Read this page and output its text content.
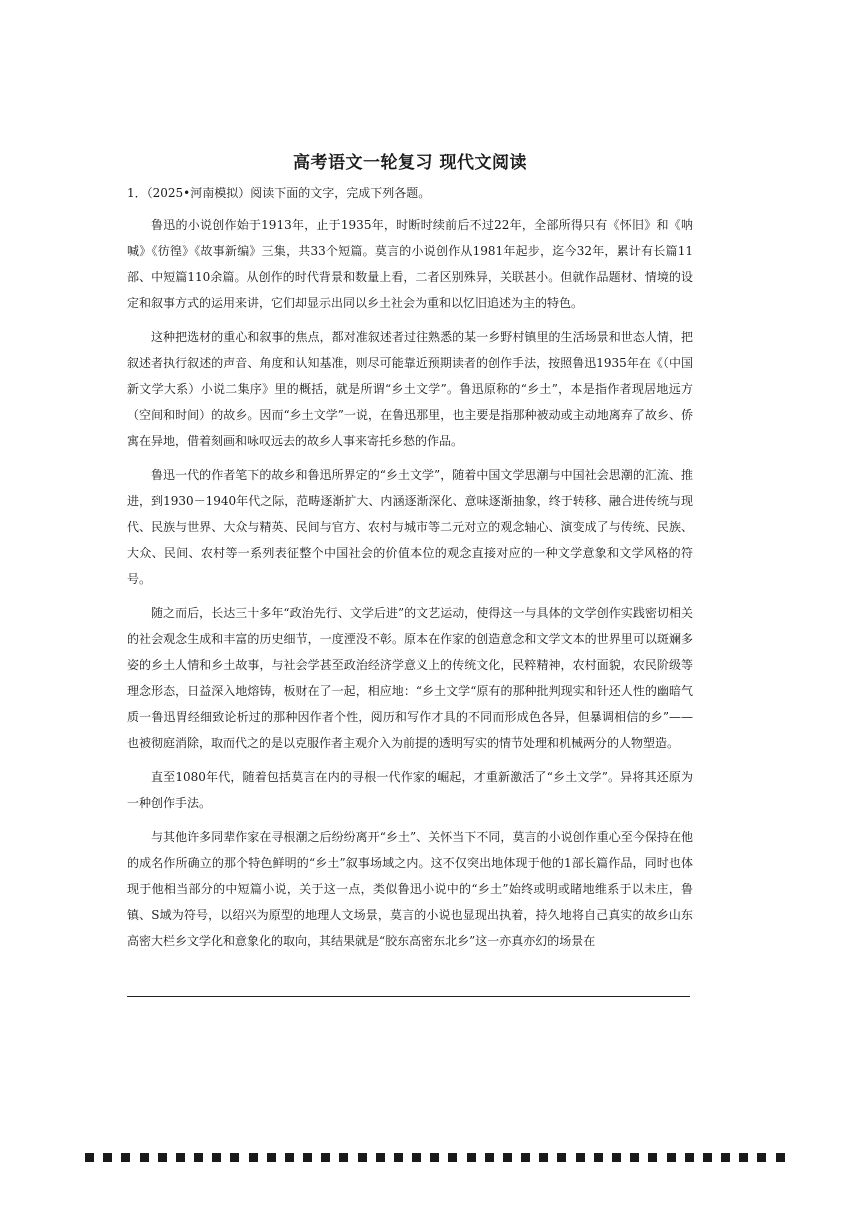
高考语文一轮复习 现代文阅读

1．（2025•河南模拟）阅读下面的文字，完成下列各题。

鲁迅的小说创作始于1913年，止于1935年，时断时续前后不过22年，全部所得只有《怀旧》和《呐喊》《彷徨》《故事新编》三集，共33个短篇。莫言的小说创作从1981年起步，迄今32年，累计有长篇11部、中短篇110余篇。从创作的时代背景和数量上看，二者区别殊异，关联甚小。但就作品题材、情境的设定和叙事方式的运用来讲，它们却显示出同以乡土社会为重和以忆旧追述为主的特色。

这种把选材的重心和叙事的焦点，都对准叙述者过往熟悉的某一乡野村镇里的生活场景和世态人情，把叙述者执行叙述的声音、角度和认知基准，则尽可能靠近预期读者的创作手法，按照鲁迅1935年在《（中国新文学大系）小说二集序》里的概括，就是所谓“乡土文学”。鲁迅原称的“乡土”，本是指作者现居地远方（空间和时间）的故乡。因而“乡土文学”一说，在鲁迅那里，也主要是指那种被动或主动地离弃了故乡、侨寓在异地，借着刻画和咏叹远去的故乡人事来寄托乡愁的作品。

鲁迅一代的作者笔下的故乡和鲁迅所界定的“乡土文学”，随着中国文学思潮与中国社会思潮的汇流、推进，到1930－1940年代之际，范畴逐渐扩大、内涵逐渐深化、意味逐渐抽象，终于转移、融合进传统与现代、民族与世界、大众与精英、民间与官方、农村与城市等二元对立的观念轴心、演变成了与传统、民族、大众、民间、农村等一系列表征整个中国社会的价值本位的观念直接对应的一种文学意象和文学风格的符号。

随之而后，长达三十多年“政治先行、文学后进”的文艺运动，使得这一与具体的文学创作实践密切相关的社会观念生成和丰富的历史细节，一度湮没不彰。原本在作家的创造意念和文学文本的世界里可以斑斓多姿的乡土人情和乡土故事，与社会学甚至政治经济学意义上的传统文化，民粹精神，农村面貌，农民阶级等理念形态，日益深入地熔铸，板财在了一起，相应地：“乡土文学“原有的那种批判现实和针还人性的幽暗气质一鲁迅胃经细致论析过的那种因作者个性，阅历和写作才具的不同而形成色各异，但暴调相信的乡”——也被彻庭消除，取而代之的是以克服作者主观介入为前提的透明写实的情节处理和机械两分的人物塑造。

直至1080年代，随着包括莫言在内的寻根一代作家的崛起，才重新激活了“乡土文学”。异将其还原为一种创作手法。

与其他许多同辈作家在寻根潮之后纷纷离开“乡土”、关怀当下不同，莫言的小说创作重心至今保持在他的成名作所确立的那个特色鲜明的“乡土”叙事场域之内。这不仅突出地体现于他的1部长篇作品，同时也体现于他相当部分的中短篇小说，关于这一点，类似鲁迅小说中的“乡土”始终或明或睹地维系于以未庄，鲁镇、S域为符号，以绍兴为原型的地理人文场景，莫言的小说也显现出执着，持久地将自己真实的故乡山东高密大栏乡文学化和意象化的取向，其结果就是“胶东高密东北乡”这一亦真亦幻的场景在
